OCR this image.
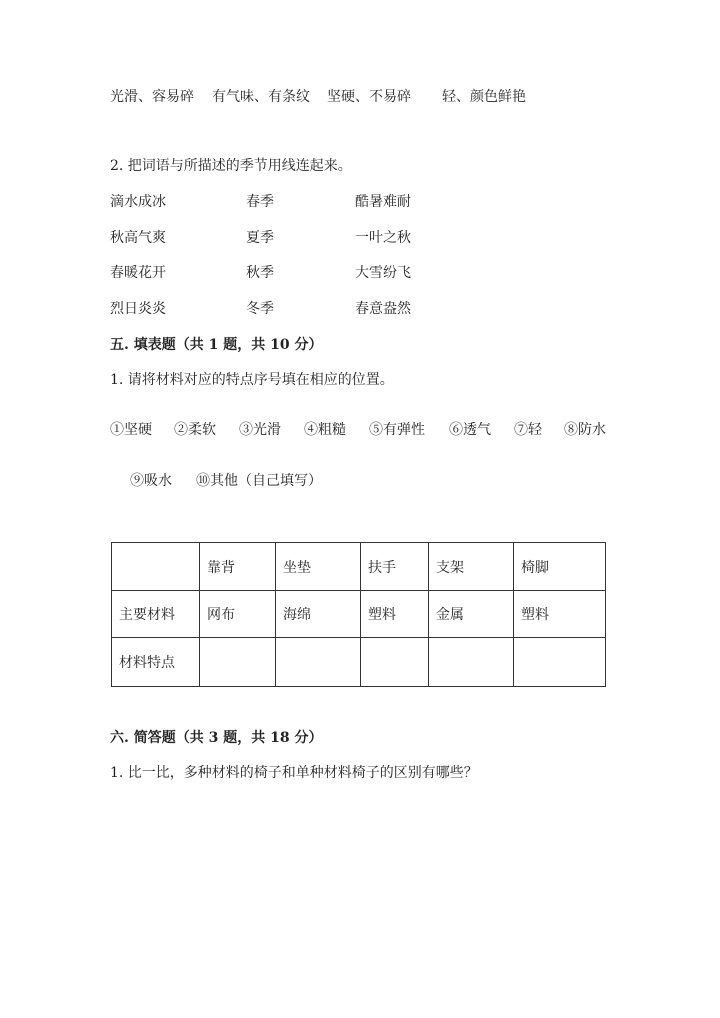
光滑、容易碎 有气味、有条纹 坚硬、不易碎 轻、颜色鲜艳
2. 把词语与所描述的季节用线连起来。
滴水成冰	春季	酷暑难耐
秋高气爽	夏季	一叶之秋
春暖花开	秋季	大雪纷飞
烈日炎炎	冬季	春意盎然
五. 填表题（共 1 题，共 10 分）
1. 请将材料对应的特点序号填在相应的位置。
①坚硬 ②柔软 ③光滑 ④粗糙 ⑤有弹性 ⑥透气 ⑦轻 ⑧防水
⑨吸水 ⑩其他（自己填写）
	靠背	坐垫	扶手	支架	椅脚
主要材料	网布	海绵	塑料	金属	塑料
材料特点					
六. 简答题（共 3 题，共 18 分）
1. 比一比，多种材料的椅子和单种材料椅子的区别有哪些？
